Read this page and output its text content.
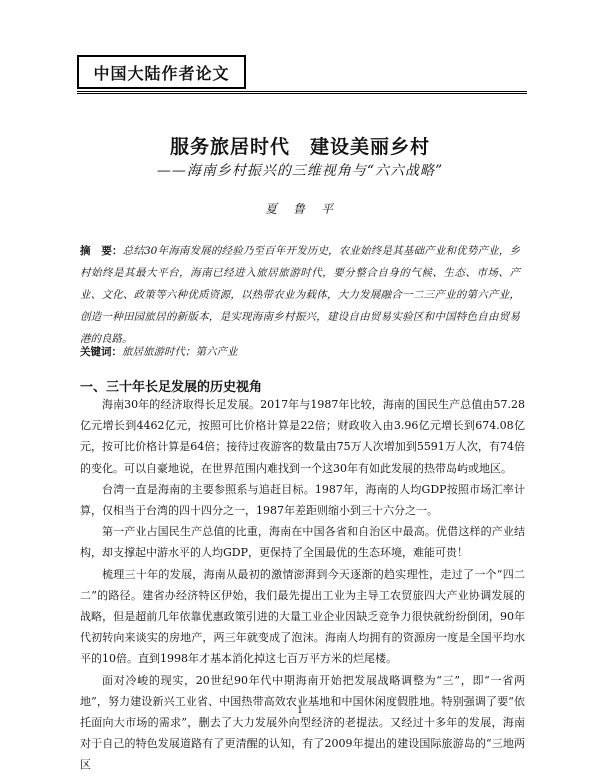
中国大陆作者论文
服务旅居时代　建设美丽乡村
——海南乡村振兴的三维视角与“六六战略”
夏　鲁　平
摘　要：总结30年海南发展的经验乃至百年开发历史，农业始终是其基础产业和优势产业，乡村始终是其最大平台，海南已经进入旅居旅游时代，要分整合自身的气候、生态、市场、产业、文化、政策等六种优质资源，以热带农业为载体，大力发展融合一二三产业的第六产业，创造一种田园旅居的新版本，是实现海南乡村振兴，建设自由贸易实验区和中国特色自由贸易港的良路。
关键词：旅居旅游时代；第六产业
一、三十年长足发展的历史视角

海南30年的经济取得长足发展。2017年与1987年比较，海南的国民生产总值由57.28亿元增长到4462亿元，按照可比价格计算是22倍；财政收入由3.96亿元增长到674.08亿元，按可比价格计算是64倍；接待过夜游客的数量由75万人次增加到5591万人次，有74倍的变化。可以自豪地说，在世界范围内难找到一个这30年有如此发展的热带岛屿或地区。

台湾一直是海南的主要参照系与追赶目标。1987年，海南的人均GDP按照市场汇率计算，仅相当于台湾的四十四分之一，1987年差距则缩小到三十六分之一。

第一产业占国民生产总值的比重，海南在中国各省和自治区中最高。优借这样的产业结构，却支撑起中游水平的人均GDP，更保持了全国最优的生态环境，难能可贵！

梳理三十年的发展，海南从最初的激情澎湃到今天逐渐的趋实理性，走过了一个“四二二”的路径。建省办经济特区伊始，我们最先提出工业为主导工农贸旅四大产业协调发展的战略，但是超前几年依靠优惠政策引进的大量工业企业因缺乏竞争力很快就纷纷倒闭，90年代初转向来谈实的房地产，两三年就变成了泡沫。海南人均拥有的资源房一度是全国平均水平的10倍。直到1998年才基本消化掉这七百万平方米的烂尾楼。

面对冷峻的现实，20世纪90年代中期海南开始把发展战略调整为“三”，即“一省两地”，努力建设新兴工业省、中国热带高效农业基地和中国休闲度假胜地。特别强调了要“依托面向大市场的需求”，删去了大力发展外向型经济的老提法。又经过十多年的发展，海南对于自己的特色发展道路有了更清醒的认知，有了2009年提出的建设国际旅游岛的“三地两区

1
